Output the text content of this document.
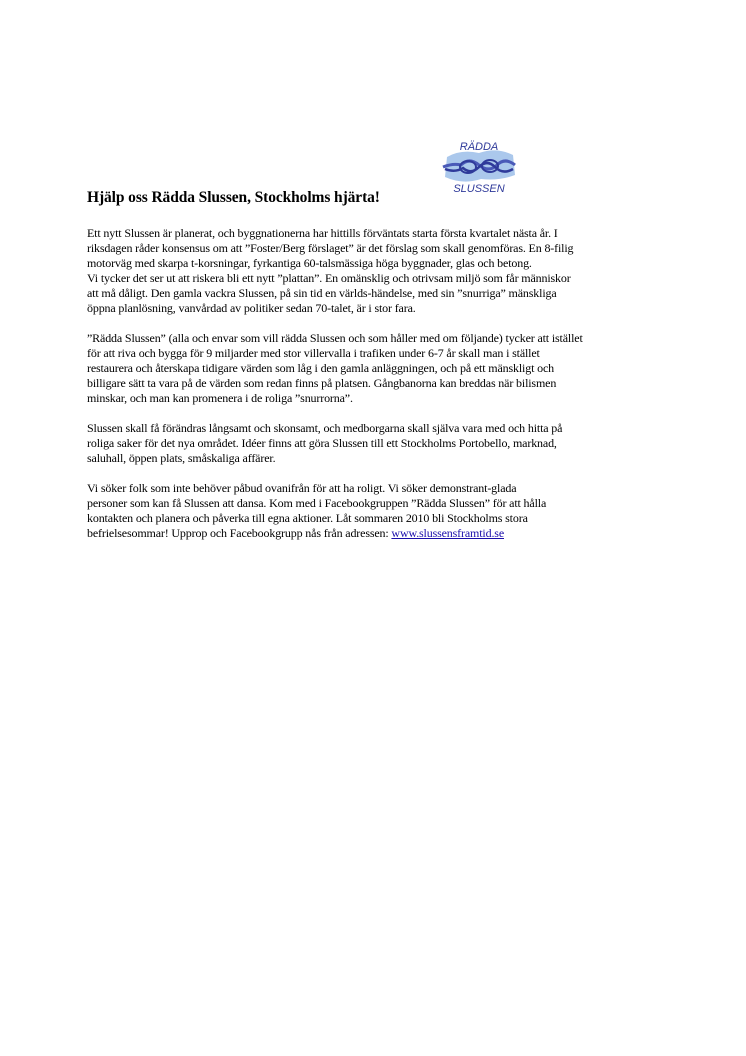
RÄDDA
SLUSSEN
Hjälp oss Rädda Slussen, Stockholms hjärta!

Ett nytt Slussen är planerat, och byggnationerna har hittills förväntats starta första kvartalet nästa år. I
riksdagen råder konsensus om att ”Foster/Berg förslaget” är det förslag som skall genomföras. En 8-filig
motorväg med skarpa t-korsningar, fyrkantiga 60-talsmässiga höga byggnader, glas och betong.
Vi tycker det ser ut att riskera bli ett nytt ”plattan”. En omänsklig och otrivsam miljö som får människor
att må dåligt. Den gamla vackra Slussen, på sin tid en världs-händelse, med sin ”snurriga” mänskliga
öppna planlösning, vanvårdad av politiker sedan 70-talet, är i stor fara.

”Rädda Slussen” (alla och envar som vill rädda Slussen och som håller med om följande) tycker att istället
för att riva och bygga för 9 miljarder med stor villervalla i trafiken under 6-7 år skall man i stället
restaurera och återskapa tidigare värden som låg i den gamla anläggningen, och på ett mänskligt och
billigare sätt ta vara på de värden som redan finns på platsen. Gångbanorna kan breddas när bilismen
minskar, och man kan promenera i de roliga ”snurrorna”.

Slussen skall få förändras långsamt och skonsamt, och medborgarna skall själva vara med och hitta på
roliga saker för det nya området. Idéer finns att göra Slussen till ett Stockholms Portobello, marknad,
saluhall, öppen plats, småskaliga affärer.

Vi söker folk som inte behöver påbud ovanifrån för att ha roligt. Vi söker demonstrant-glada
personer som kan få Slussen att dansa. Kom med i Facebookgruppen ”Rädda Slussen” för att hålla
kontakten och planera och påverka till egna aktioner. Låt sommaren 2010 bli Stockholms stora
befrielsesommar! Upprop och Facebookgrupp nås från adressen: www.slussensframtid.se
